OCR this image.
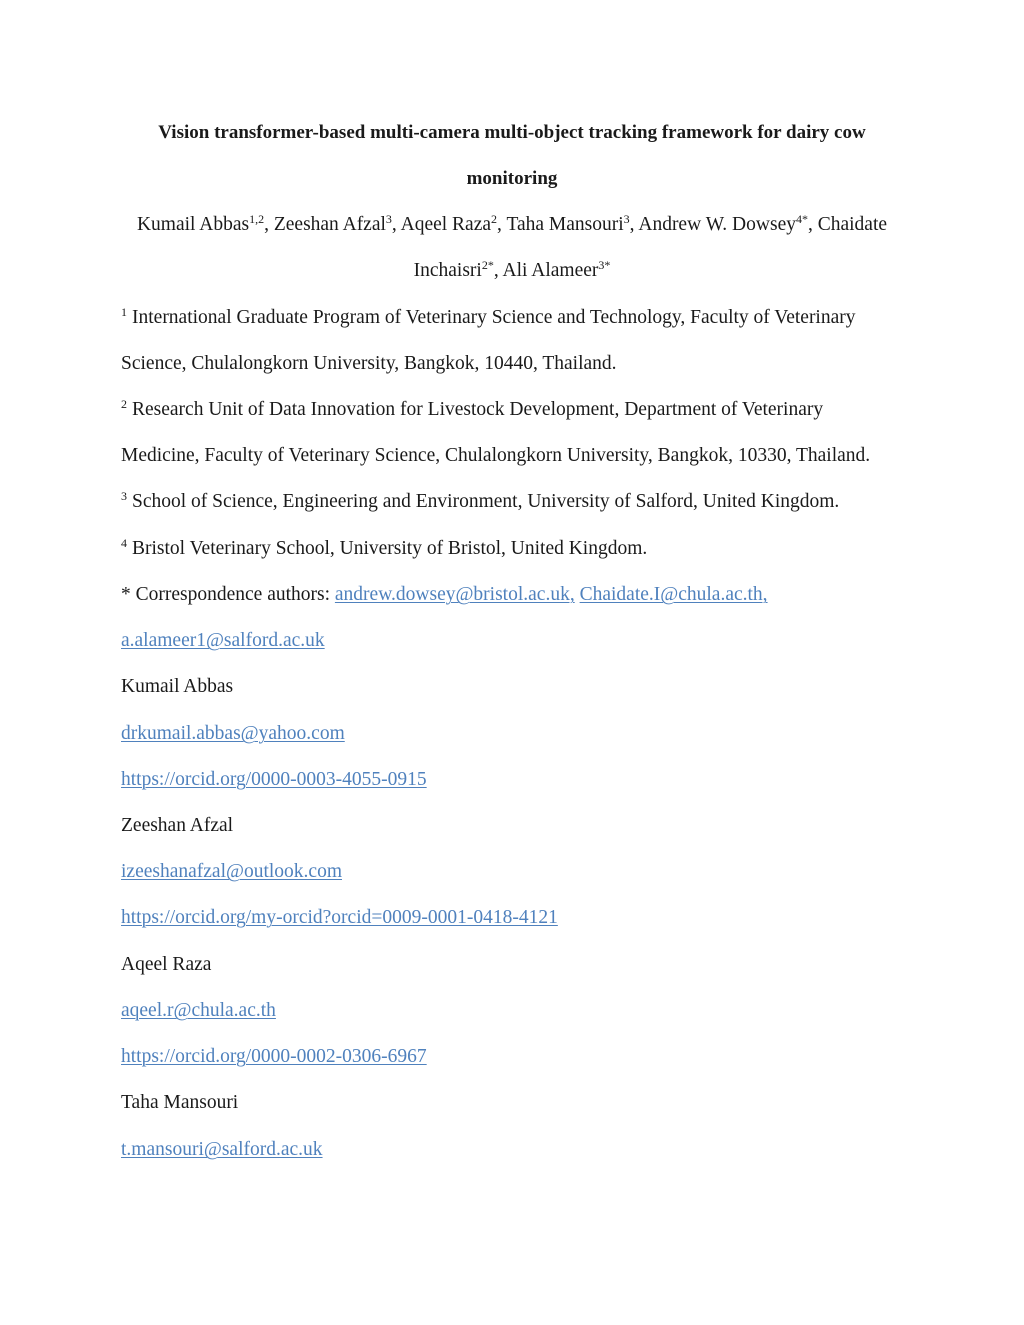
Vision transformer-based multi-camera multi-object tracking framework for dairy cow
monitoring
Kumail Abbas$^{1,2}$, Zeeshan Afzal$^3$, Aqeel Raza$^2$, Taha Mansouri$^3$, Andrew W. Dowsey$^{4*}$, Chaidate
Inchaisri$^{2*}$, Ali Alameer$^{3*}$
$^1$ International Graduate Program of Veterinary Science and Technology, Faculty of Veterinary
Science, Chulalongkorn University, Bangkok, 10440, Thailand.
$^2$ Research Unit of Data Innovation for Livestock Development, Department of Veterinary
Medicine, Faculty of Veterinary Science, Chulalongkorn University, Bangkok, 10330, Thailand.
$^3$ School of Science, Engineering and Environment, University of Salford, United Kingdom.
$^4$ Bristol Veterinary School, University of Bristol, United Kingdom.
* Correspondence authors: andrew.dowsey@bristol.ac.uk, Chaidate.I@chula.ac.th,
a.alameer1@salford.ac.uk
Kumail Abbas
drkumail.abbas@yahoo.com
https://orcid.org/0000-0003-4055-0915
Zeeshan Afzal
izeeshanafzal@outlook.com
https://orcid.org/my-orcid?orcid=0009-0001-0418-4121
Aqeel Raza
aqeel.r@chula.ac.th
https://orcid.org/0000-0002-0306-6967
Taha Mansouri
t.mansouri@salford.ac.uk
